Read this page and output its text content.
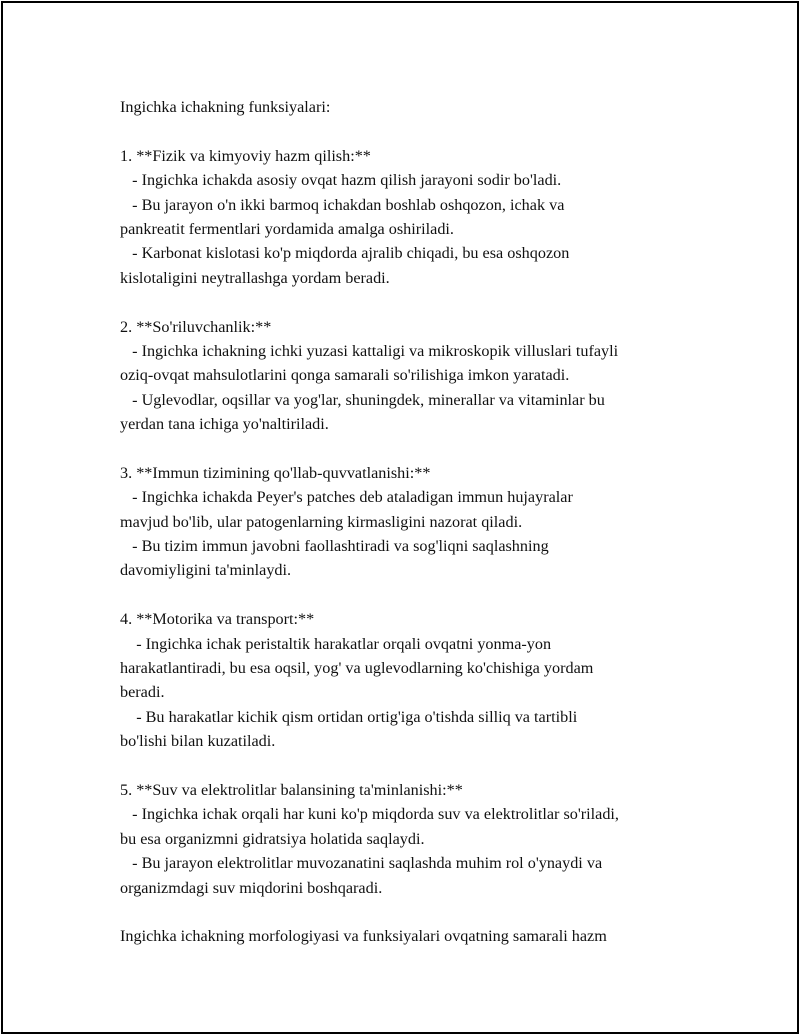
Ingichka ichakning funksiyalari:
1. **Fizik va kimyoviy hazm qilish:**
- Ingichka ichakda asosiy ovqat hazm qilish jarayoni sodir bo'ladi.
- Bu jarayon o'n ikki barmoq ichakdan boshlab oshqozon, ichak va
pankreatit fermentlari yordamida amalga oshiriladi.
- Karbonat kislotasi ko'p miqdorda ajralib chiqadi, bu esa oshqozon
kislotaligini neytrallashga yordam beradi.
2. **So'riluvchanlik:**
- Ingichka ichakning ichki yuzasi kattaligi va mikroskopik villuslari tufayli
oziq-ovqat mahsulotlarini qonga samarali so'rilishiga imkon yaratadi.
- Uglevodlar, oqsillar va yog'lar, shuningdek, minerallar va vitaminlar bu
yerdan tana ichiga yo'naltiriladi.
3. **Immun tizimining qo'llab-quvvatlanishi:**
- Ingichka ichakda Peyer's patches deb ataladigan immun hujayralar
mavjud bo'lib, ular patogenlarning kirmasligini nazorat qiladi.
- Bu tizim immun javobni faollashtiradi va sog'liqni saqlashning
davomiyligini ta'minlaydi.
4. **Motorika va transport:**
- Ingichka ichak peristaltik harakatlar orqali ovqatni yonma-yon
harakatlantiradi, bu esa oqsil, yog' va uglevodlarning ko'chishiga yordam
beradi.
- Bu harakatlar kichik qism ortidan ortig'iga o'tishda silliq va tartibli
bo'lishi bilan kuzatiladi.
5. **Suv va elektrolitlar balansining ta'minlanishi:**
- Ingichka ichak orqali har kuni ko'p miqdorda suv va elektrolitlar so'riladi,
bu esa organizmni gidratsiya holatida saqlaydi.
- Bu jarayon elektrolitlar muvozanatini saqlashda muhim rol o'ynaydi va
organizmdagi suv miqdorini boshqaradi.
Ingichka ichakning morfologiyasi va funksiyalari ovqatning samarali hazm
